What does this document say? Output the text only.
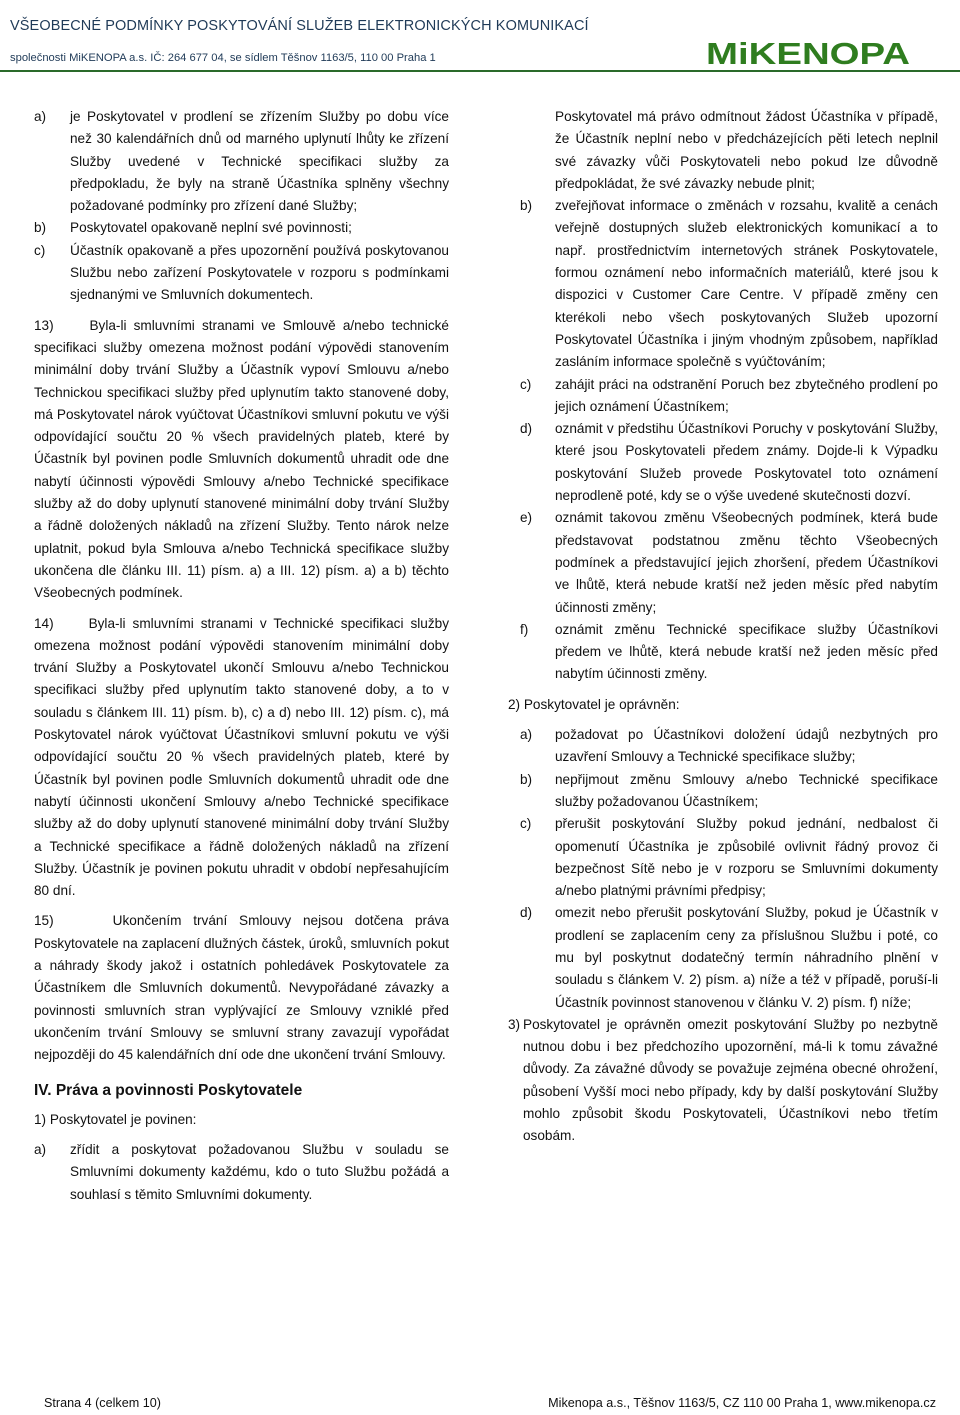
VŠEOBECNÉ PODMÍNKY POSKYTOVÁNÍ SLUŽEB ELEKTRONICKÝCH KOMUNIKACÍ
společnosti MiKENOPA a.s. IČ: 264 677 04, se sídlem Těšnov 1163/5, 110 00 Praha 1	MiKENOPA
a) je Poskytovatel v prodlení se zřízením Služby po dobu více než 30 kalendářních dnů od marného uplynutí lhůty ke zřízení Služby uvedené v Technické specifikaci služby za předpokladu, že byly na straně Účastníka splněny všechny požadované podmínky pro zřízení dané Služby;
b) Poskytovatel opakovaně neplní své povinnosti;
c) Účastník opakovaně a přes upozornění používá poskytovanou Službu nebo zařízení Poskytovatele v rozporu s podmínkami sjednanými ve Smluvních dokumentech.
13)	Byla-li smluvními stranami ve Smlouvě a/nebo technické specifikaci služby omezena možnost podání výpovědi stanovením minimální doby trvání Služby a Účastník vypoví Smlouvu a/nebo Technickou specifikaci služby před uplynutím takto stanovené doby, má Poskytovatel nárok vyúčtovat Účastníkovi smluvní pokutu ve výši odpovídající součtu 20 % všech pravidelných plateb, které by Účastník byl povinen podle Smluvních dokumentů uhradit ode dne nabytí účinnosti výpovědi Smlouvy a/nebo Technické specifikace služby až do doby uplynutí stanovené minimální doby trvání Služby a řádně doložených nákladů na zřízení Služby. Tento nárok nelze uplatnit, pokud byla Smlouva a/nebo Technická specifikace služby ukončena dle článku III. 11) písm. a) a III. 12) písm. a) a b) těchto Všeobecných podmínek.
14)	Byla-li smluvními stranami v Technické specifikaci služby omezena možnost podání výpovědi stanovením minimální doby trvání Služby a Poskytovatel ukončí Smlouvu a/nebo Technickou specifikaci služby před uplynutím takto stanovené doby, a to v souladu s článkem III. 11) písm. b), c) a d) nebo III. 12) písm. c), má Poskytovatel nárok vyúčtovat Účastníkovi smluvní pokutu ve výši odpovídající součtu 20 % všech pravidelných plateb, které by Účastník byl povinen podle Smluvních dokumentů uhradit ode dne nabytí účinnosti ukončení Smlouvy a/nebo Technické specifikace služby až do doby uplynutí stanovené minimální doby trvání Služby a Technické specifikace a řádně doložených nákladů na zřízení Služby. Účastník je povinen pokutu uhradit v období nepřesahujícím 80 dní.
15)	Ukončením trvání Smlouvy nejsou dotčena práva Poskytovatele na zaplacení dlužných částek, úroků, smluvních pokut a náhrady škody jakož i ostatních pohledávek Poskytovatele za Účastníkem dle Smluvních dokumentů. Nevypořádané závazky a povinnosti smluvních stran vyplývající ze Smlouvy vzniklé před ukončením trvání Smlouvy se smluvní strany zavazují vypořádat nejpozději do 45 kalendářních dní ode dne ukončení trvání Smlouvy.
IV. Práva a povinnosti Poskytovatele
1) Poskytovatel je povinen:
a) zřídit a poskytovat požadovanou Službu v souladu se Smluvními dokumenty každému, kdo o tuto Službu požádá a souhlasí s těmito Smluvními dokumenty.
Poskytovatel má právo odmítnout žádost Účastníka v případě, že Účastník neplní nebo v předcházejících pěti letech neplnil své závazky vůči Poskytovateli nebo pokud lze důvodně předpokládat, že své závazky nebude plnit;
b) zveřejňovat informace o změnách v rozsahu, kvalitě a cenách veřejně dostupných služeb elektronických komunikací a to např. prostřednictvím internetových stránek Poskytovatele, formou oznámení nebo informačních materiálů, které jsou k dispozici v Customer Care Centre. V případě změny cen kterékoli nebo všech poskytovaných Služeb upozorní Poskytovatel Účastníka i jiným vhodným způsobem, například zasláním informace společně s vyúčtováním;
c) zahájit práci na odstranění Poruch bez zbytečného prodlení po jejich oznámení Účastníkem;
d) oznámit v předstihu Účastníkovi Poruchy v poskytování Služby, které jsou Poskytovateli předem známy. Dojde-li k Výpadku poskytování Služeb provede Poskytovatel toto oznámení neprodleně poté, kdy se o výše uvedené skutečnosti dozví.
e) oznámit takovou změnu Všeobecných podmínek, která bude představovat podstatnou změnu těchto Všeobecných podmínek a představující jejich zhoršení, předem Účastníkovi ve lhůtě, která nebude kratší než jeden měsíc před nabytím účinnosti změny;
f) oznámit změnu Technické specifikace služby Účastníkovi předem ve lhůtě, která nebude kratší než jeden měsíc před nabytím účinnosti změny.
2) Poskytovatel je oprávněn:
a) požadovat po Účastníkovi doložení údajů nezbytných pro uzavření Smlouvy a Technické specifikace služby;
b) nepřijmout změnu Smlouvy a/nebo Technické specifikace služby požadovanou Účastníkem;
c) přerušit poskytování Služby pokud jednání, nedbalost či opomenutí Účastníka je způsobilé ovlivnit řádný provoz či bezpečnost Sítě nebo je v rozporu se Smluvními dokumenty a/nebo platnými právními předpisy;
d) omezit nebo přerušit poskytování Služby, pokud je Účastník v prodlení se zaplacením ceny za příslušnou Službu i poté, co mu byl poskytnut dodatečný termín náhradního plnění v souladu s článkem V. 2) písm. a) níže a též v případě, poruší-li Účastník povinnost stanovenou v článku V. 2) písm. f) níže;
3) Poskytovatel je oprávněn omezit poskytování Služby po nezbytně nutnou dobu i bez předchozího upozornění, má-li k tomu závažné důvody. Za závažné důvody se považuje zejména obecné ohrožení, působení Vyšší moci nebo případy, kdy by další poskytování Služby mohlo způsobit škodu Poskytovateli, Účastníkovi nebo třetím osobám.
Strana 4 (celkem 10)	Mikenopa a.s., Těšnov 1163/5, CZ 110 00 Praha 1, www.mikenopa.cz
